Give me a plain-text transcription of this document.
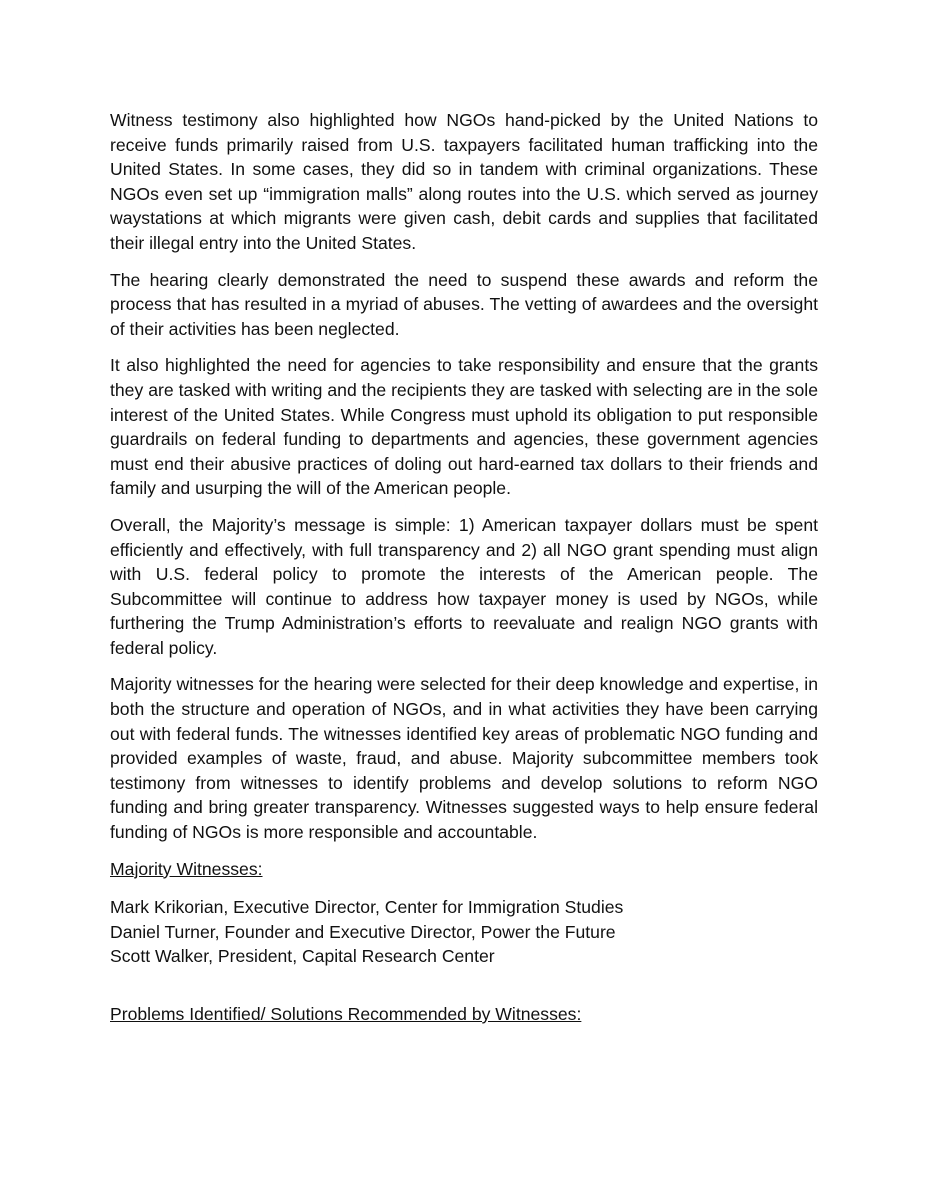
Witness testimony also highlighted how NGOs hand-picked by the United Nations to receive funds primarily raised from U.S. taxpayers facilitated human trafficking into the United States. In some cases, they did so in tandem with criminal organizations. These NGOs even set up “immigration malls” along routes into the U.S. which served as journey waystations at which migrants were given cash, debit cards and supplies that facilitated their illegal entry into the United States.

The hearing clearly demonstrated the need to suspend these awards and reform the process that has resulted in a myriad of abuses. The vetting of awardees and the oversight of their activities has been neglected.

It also highlighted the need for agencies to take responsibility and ensure that the grants they are tasked with writing and the recipients they are tasked with selecting are in the sole interest of the United States. While Congress must uphold its obligation to put responsible guardrails on federal funding to departments and agencies, these government agencies must end their abusive practices of doling out hard-earned tax dollars to their friends and family and usurping the will of the American people.

Overall, the Majority’s message is simple: 1) American taxpayer dollars must be spent efficiently and effectively, with full transparency and 2) all NGO grant spending must align with U.S. federal policy to promote the interests of the American people. The Subcommittee will continue to address how taxpayer money is used by NGOs, while furthering the Trump Administration’s efforts to reevaluate and realign NGO grants with federal policy.

Majority witnesses for the hearing were selected for their deep knowledge and expertise, in both the structure and operation of NGOs, and in what activities they have been carrying out with federal funds. The witnesses identified key areas of problematic NGO funding and provided examples of waste, fraud, and abuse. Majority subcommittee members took testimony from witnesses to identify problems and develop solutions to reform NGO funding and bring greater transparency. Witnesses suggested ways to help ensure federal funding of NGOs is more responsible and accountable.

Majority Witnesses:
Mark Krikorian, Executive Director, Center for Immigration Studies
Daniel Turner, Founder and Executive Director, Power the Future
Scott Walker, President, Capital Research Center
Problems Identified/ Solutions Recommended by Witnesses:
